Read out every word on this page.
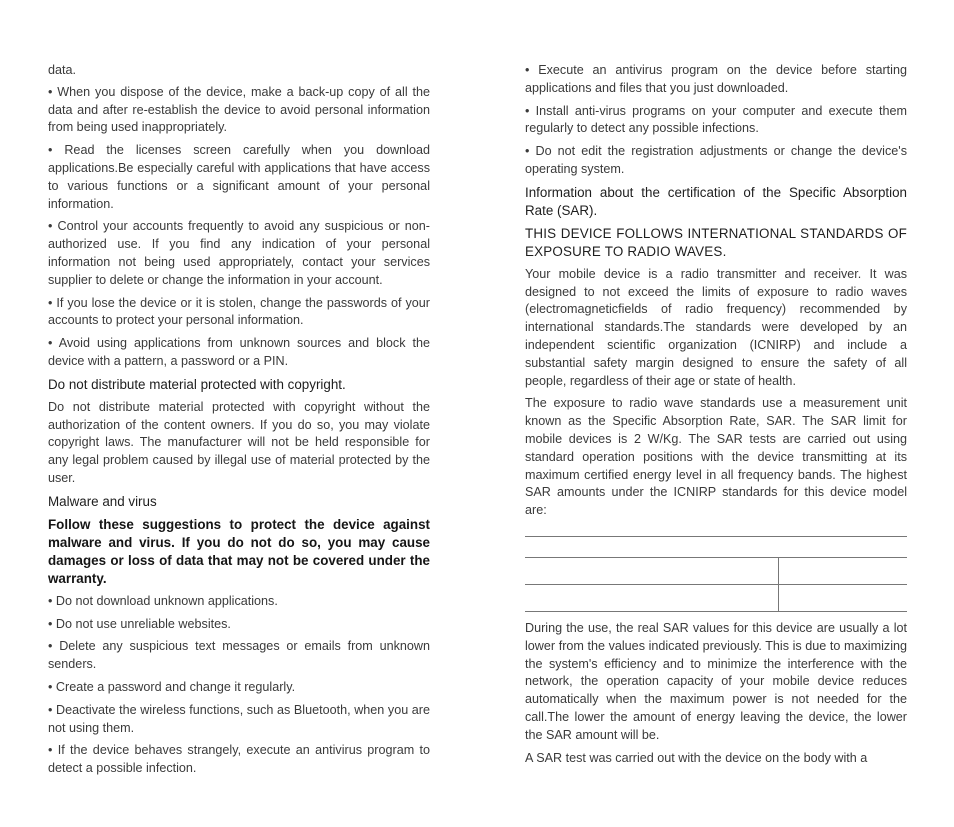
data.

• When you dispose of the device, make a back-up copy of all the data and after re-establish the device to avoid personal information from being used inappropriately.

• Read the licenses screen carefully when you download applications.Be especially careful with applications that have access to various functions or a significant amount of your personal information.

• Control your accounts frequently to avoid any suspicious or non-authorized use. If you find any indication of your personal information not being used appropriately, contact your services supplier to delete or change the information in your account.

• If you lose the device or it is stolen, change the passwords of your accounts to protect your personal information.

• Avoid using applications from unknown sources and block the device with a pattern, a password or a PIN.

Do not distribute material protected with copyright.

Do not distribute material protected with copyright without the authorization of the content owners. If you do so, you may violate copyright laws. The manufacturer will not be held responsible for any legal problem caused by illegal use of material protected by the user.

Malware and virus

Follow these suggestions to protect the device against malware and virus. If you do not do so, you may cause damages or loss of data that may not be covered under the warranty.

• Do not download unknown applications.

• Do not use unreliable websites.

• Delete any suspicious text messages or emails from unknown senders.

• Create a password and change it regularly.

• Deactivate the wireless functions, such as Bluetooth, when you are not using them.

• If the device behaves strangely, execute an antivirus program to detect a possible infection.

• Execute an antivirus program on the device before starting applications and files that you just downloaded.

• Install anti-virus programs on your computer and execute them regularly to detect any possible infections.

• Do not edit the registration adjustments or change the device's operating system.

Information about the certification of the Specific Absorption Rate (SAR).

THIS DEVICE FOLLOWS INTERNATIONAL STANDARDS OF EXPOSURE TO RADIO WAVES.

Your mobile device is a radio transmitter and receiver. It was designed to not exceed the limits of exposure to radio waves (electromagneticfields of radio frequency) recommended by international standards.The standards were developed by an independent scientific organization (ICNIRP) and include a substantial safety margin designed to ensure the safety of all people, regardless of their age or state of health.

The exposure to radio wave standards use a measurement unit known as the Specific Absorption Rate, SAR. The SAR limit for mobile devices is 2 W/Kg. The SAR tests are carried out using standard operation positions with the device transmitting at its maximum certified energy level in all frequency bands. The highest SAR amounts under the ICNIRP standards for this device model are:

During the use, the real SAR values for this device are usually a lot lower from the values indicated previously. This is due to maximizing the system's efficiency and to minimize the interference with the network, the operation capacity of your mobile device reduces automatically when the maximum power is not needed for the call.The lower the amount of energy leaving the device, the lower the SAR amount will be.

A SAR test was carried out with the device on the body with a
